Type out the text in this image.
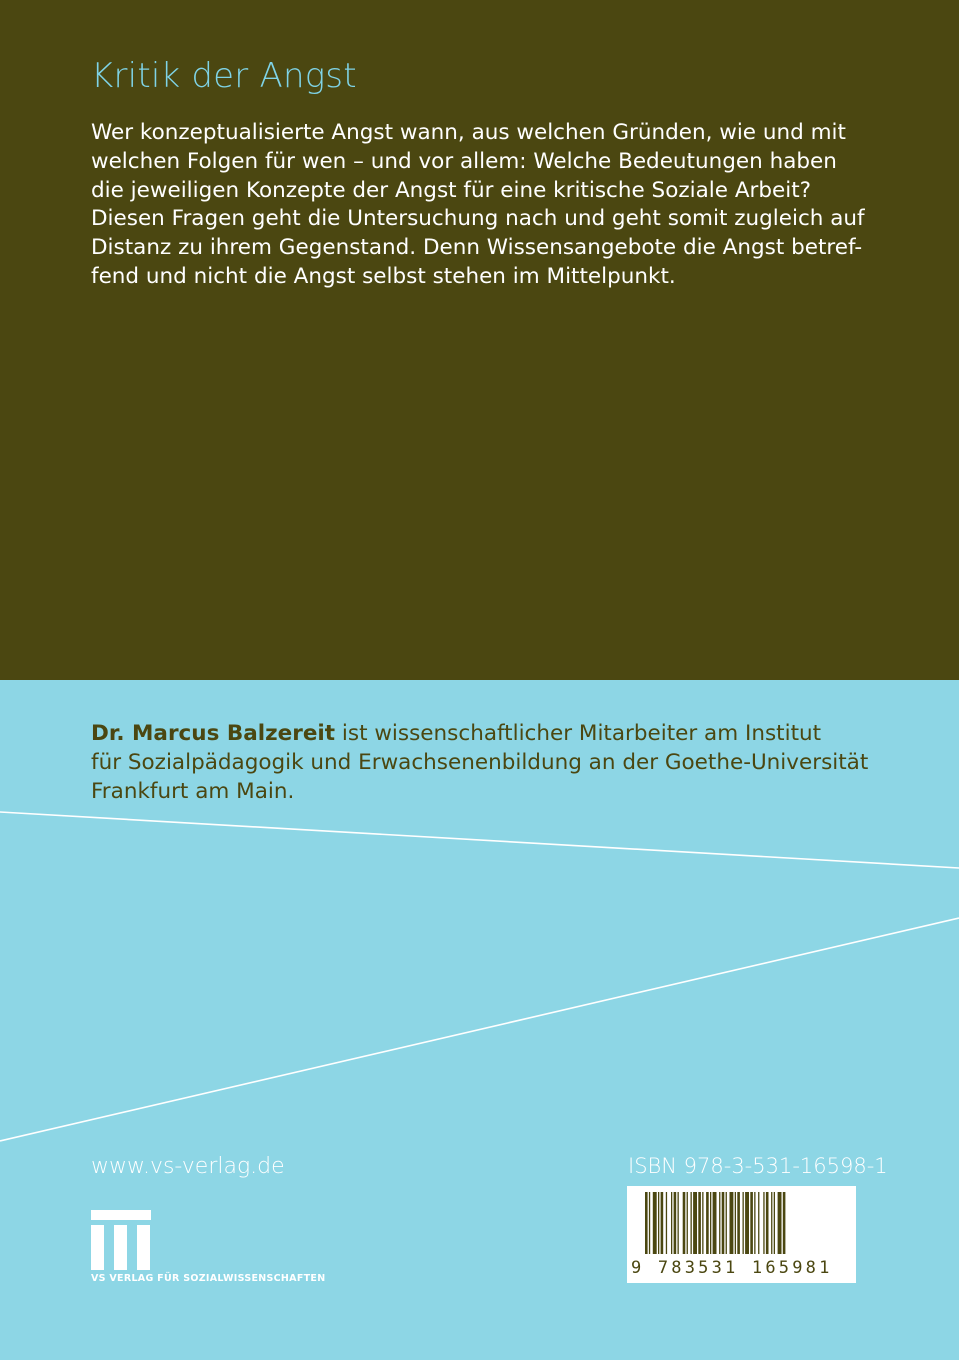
Kritik der Angst

Wer konzeptualisierte Angst wann, aus welchen Gründen, wie und mit
welchen Folgen für wen – und vor allem: Welche Bedeutungen haben
die jeweiligen Konzepte der Angst für eine kritische Soziale Arbeit?
Diesen Fragen geht die Untersuchung nach und geht somit zugleich auf
Distanz zu ihrem Gegenstand. Denn Wissensangebote die Angst betref-
fend und nicht die Angst selbst stehen im Mittelpunkt.

Dr. Marcus Balzereit ist wissenschaftlicher Mitarbeiter am Institut
für Sozialpädagogik und Erwachsenenbildung an der Goethe-Universität
Frankfurt am Main.

www.vs-verlag.de
VS VERLAG FÜR SOZIALWISSENSCHAFTEN
ISBN 978-3-531-16598-1
9 783531 165981
